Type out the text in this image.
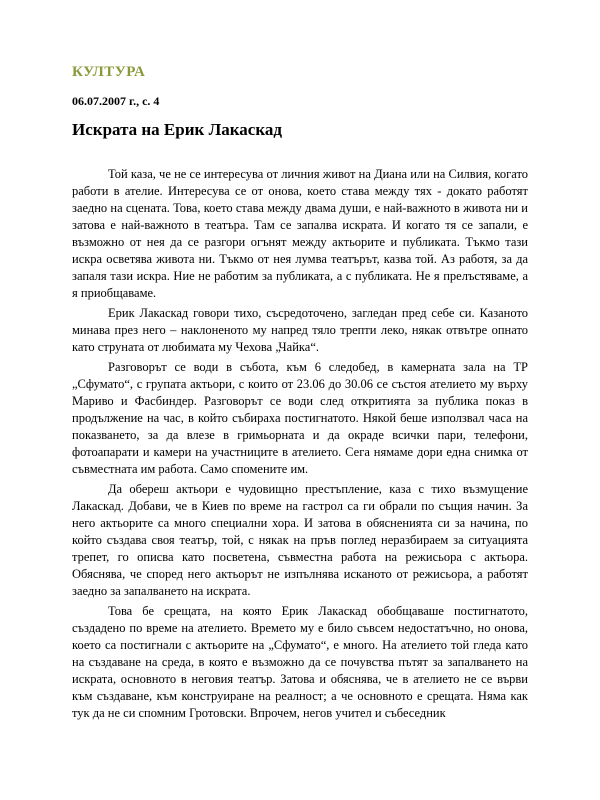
КУЛТУРА
06.07.2007 г., с. 4
Искрата на Ерик Лакаскад

Той каза, че не се интересува от личния живот на Диана или на Силвия, когато работи в ателие. Интересува се от онова, което става между тях - докато работят заедно на сцената. Това, което става между двама души, е най-важното в живота ни и затова е най-важното в театъра. Там се запалва искрата. И когато тя се запали, е възможно от нея да се разгори огънят между актьорите и публиката. Тъкмо тази искра осветява живота ни. Тъкмо от нея лумва театърът, казва той. Аз работя, за да запаля тази искра. Ние не работим за публиката, а с публиката. Не я прелъстяваме, а я приобщаваме.

Ерик Лакаскад говори тихо, съсредоточено, загледан пред себе си. Казаното минава през него – наклоненото му напред тяло трепти леко, някак отвътре опнато като струната от любимата му Чехова „Чайка“.

Разговорът се води в събота, към 6 следобед, в камерната зала на ТР „Сфумато“, с групата актьори, с които от 23.06 до 30.06 се състоя ателието му върху Мариво и Фасбиндер. Разговорът се води след откритията за публика показ в продължение на час, в който събираха постигнатото. Някой беше използвал часа на показването, за да влезе в гримьорната и да окраде всички пари, телефони, фотоапарати и камери на участниците в ателието. Сега нямаме дори една снимка от съвместната им работа. Само спомените им.

Да обереш актьори е чудовищно престъпление, каза с тихо възмущение Лакаскад. Добави, че в Киев по време на гастрол са ги обрали по същия начин. За него актьорите са много специални хора. И затова в обясненията си за начина, по който създава своя театър, той, с някак на пръв поглед неразбираем за ситуацията трепет, го описва като посветена, съвместна работа на режисьора с актьора. Обяснява, че според него актьорът не изпълнява исканото от режисьора, а работят заедно за запалването на искрата.

Това бе срещата, на която Ерик Лакаскад обобщаваше постигнатото, създадено по време на ателието. Времето му е било съвсем недостатъчно, но онова, което са постигнали с актьорите на „Сфумато“, е много. На ателиeто той гледа като на създаване на среда, в която е възможно да се почувства пътят за запалването на искрата, основното в неговия театър. Затова и обяснява, че в ателието не се върви към създаване, към конструиране на реалност; а че основното е срещата. Няма как тук да не си спомним Гротовски. Впрочем, негов учител и събеседник
